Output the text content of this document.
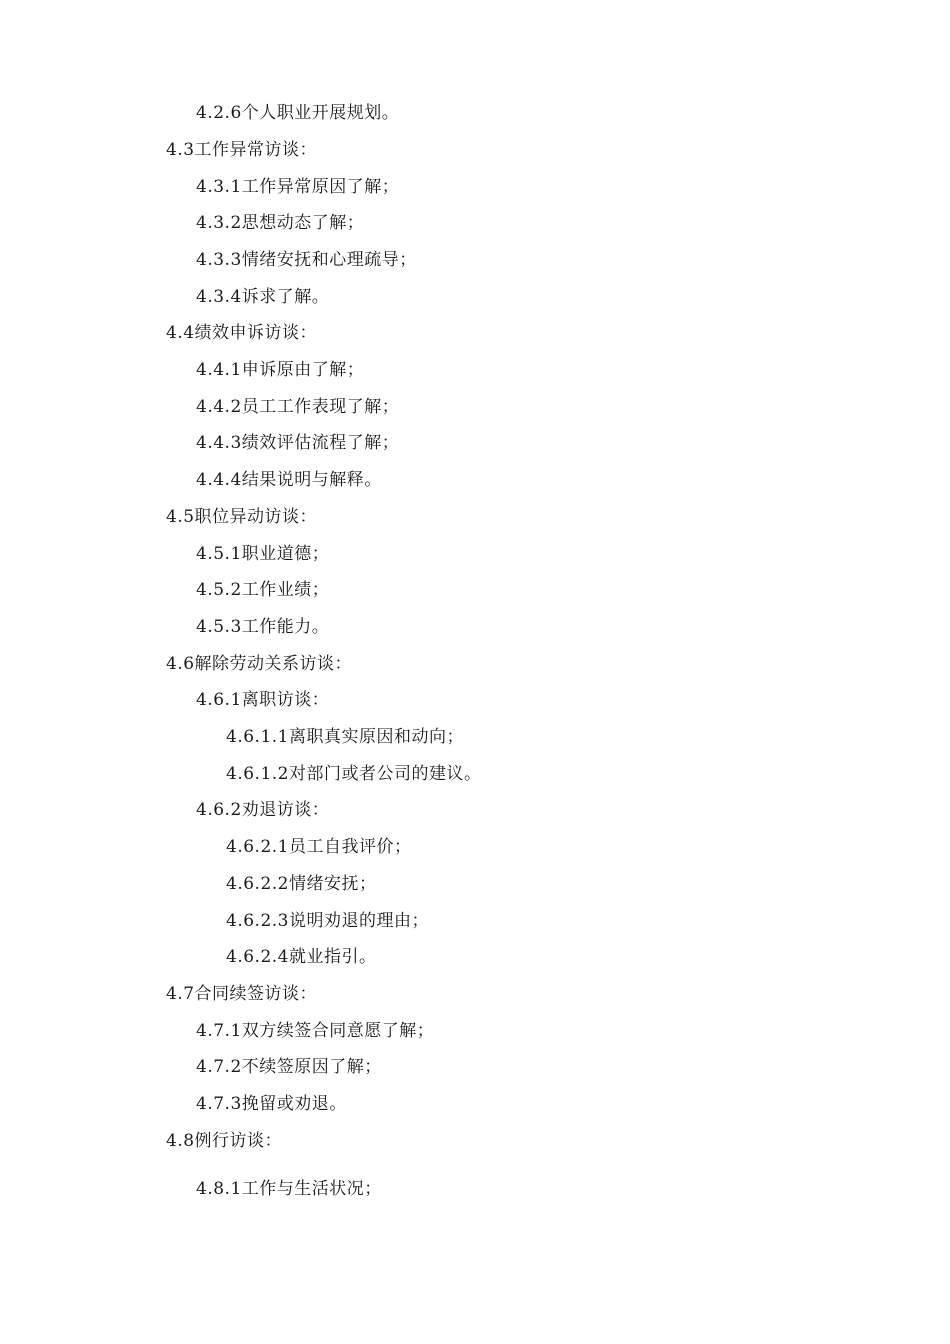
4.2.6个人职业开展规划。
4.3工作异常访谈：
4.3.1工作异常原因了解；
4.3.2思想动态了解；
4.3.3情绪安抚和心理疏导；
4.3.4诉求了解。
4.4绩效申诉访谈：
4.4.1申诉原由了解；
4.4.2员工工作表现了解；
4.4.3绩效评估流程了解；
4.4.4结果说明与解释。
4.5职位异动访谈：
4.5.1职业道德；
4.5.2工作业绩；
4.5.3工作能力。
4.6解除劳动关系访谈：
4.6.1离职访谈：
4.6.1.1离职真实原因和动向；
4.6.1.2对部门或者公司的建议。
4.6.2劝退访谈：
4.6.2.1员工自我评价；
4.6.2.2情绪安抚；
4.6.2.3说明劝退的理由；
4.6.2.4就业指引。
4.7合同续签访谈：
4.7.1双方续签合同意愿了解；
4.7.2不续签原因了解；
4.7.3挽留或劝退。
4.8例行访谈：
4.8.1工作与生活状况；
